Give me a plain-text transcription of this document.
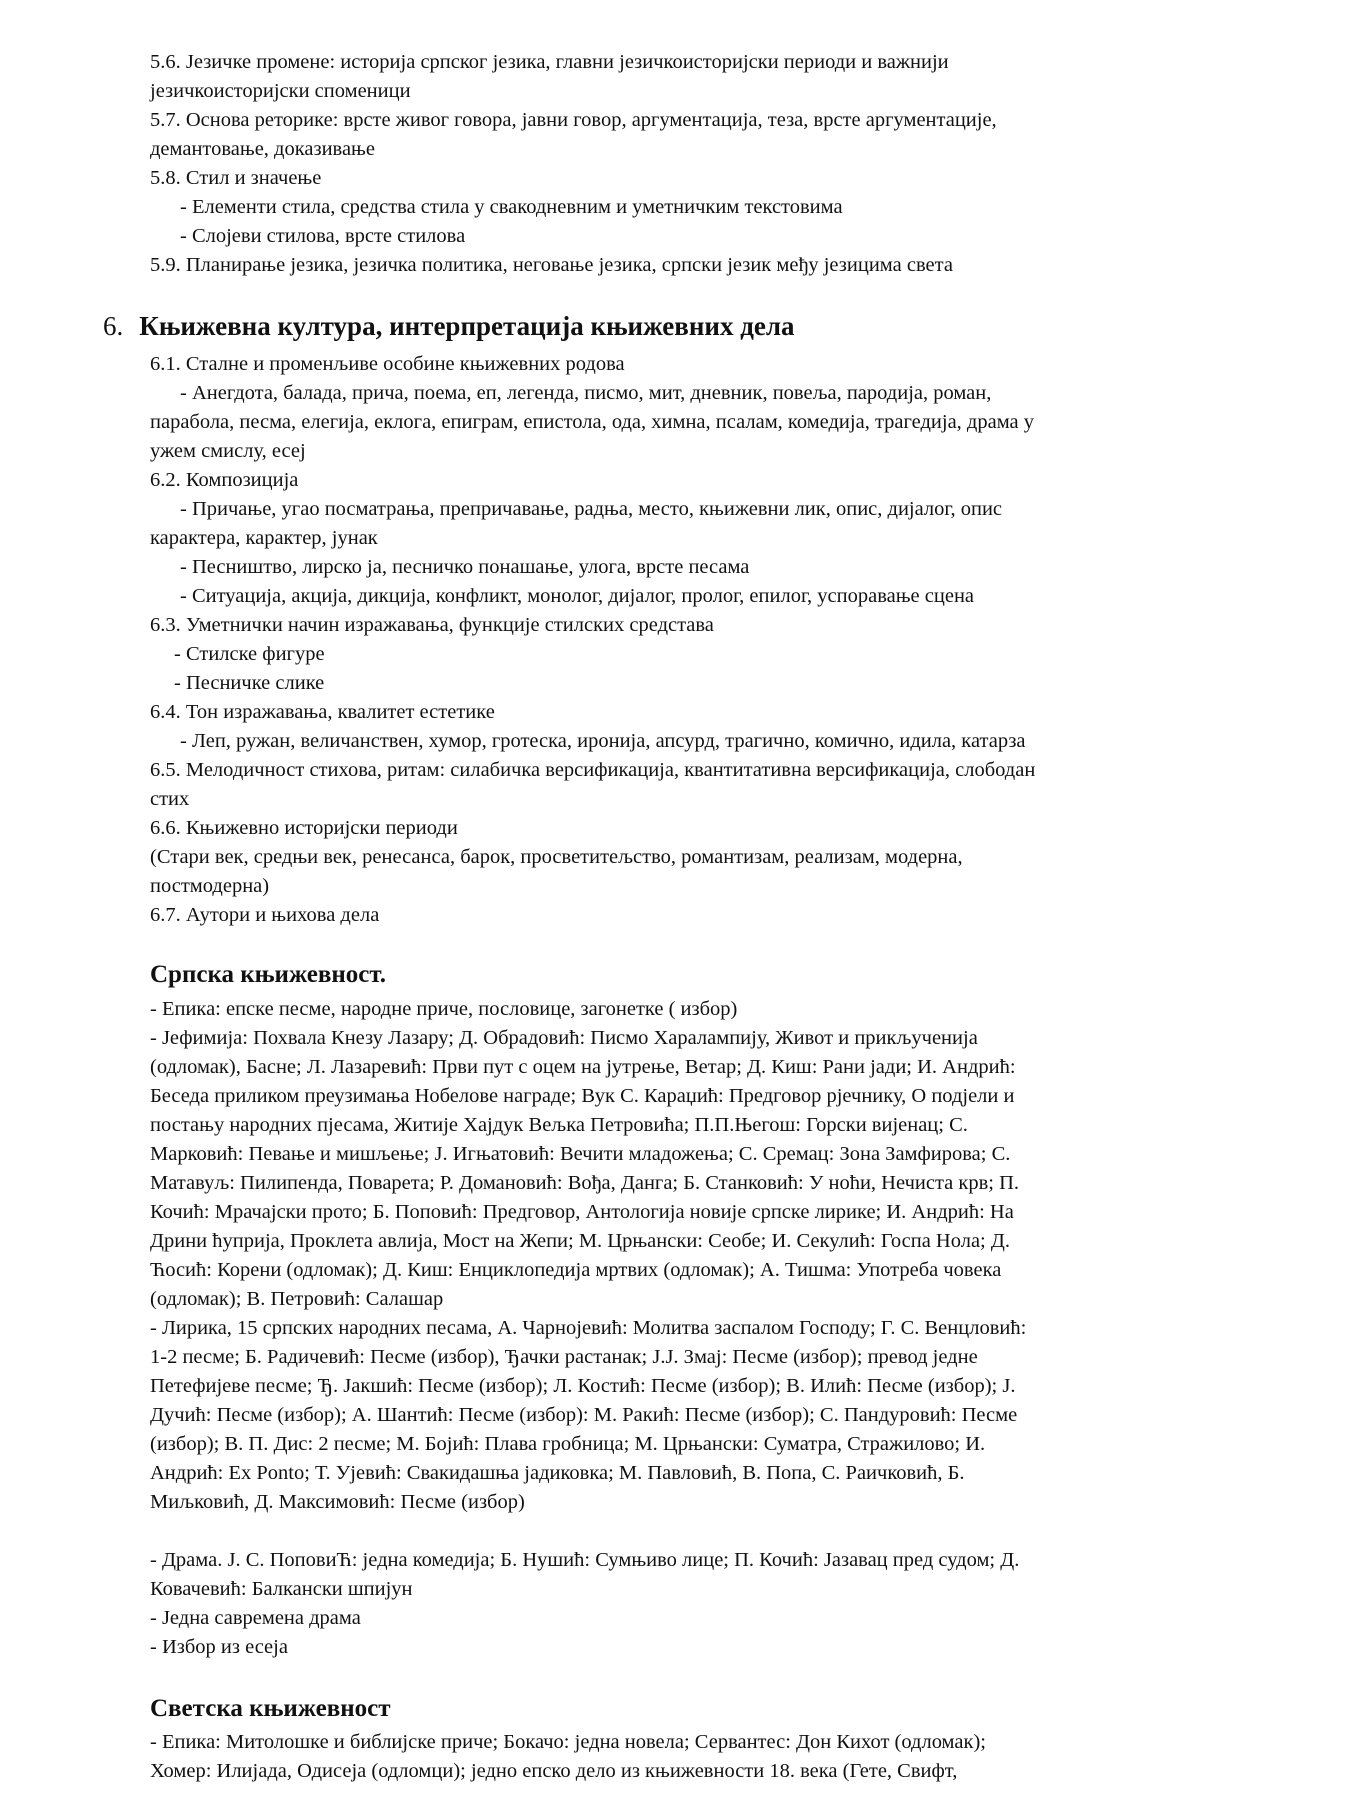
5.6. Језичке промене: историја српског језика, главни језичкоисторијски периоди и важнији
језичкоисторијски споменици
5.7. Основа реторике: врсте живог говора, јавни говор, аргументација, теза, врсте аргументације,
демантовање, доказивање
5.8. Стил и значење
- Елементи стила, средства стила у свакодневним и уметничким текстовима
- Слојеви стилова, врсте стилова
5.9. Планирање језика, језичка политика, неговање језика, српски језик међу језицима света
6. Књижевна култура, интерпретација књижевних дела
6.1. Сталне и променљиве особине књижевних родова
- Анегдота, балада, прича, поема, еп, легенда, писмо, мит, дневник, повеља, пародија, роман,
парабола, песма, елегија, еклога, епиграм, епистола, ода, химна, псалам, комедија, трагедија, драма у
ужем смислу, есеј
6.2. Композиција
- Причање, угао посматрања, препричавање, радња, место, књижевни лик, опис, дијалог, опис
карактера, карактер, јунак
- Песништво, лирско ја, песничко понашање, улога, врсте песама
- Ситуација, акција, дикција, конфликт, монолог, дијалог, пролог, епилог, успоравање сцена
6.3. Уметнички начин изражавања, функције стилских средстава
- Стилске фигуре
- Песничке слике
6.4. Тон изражавања, квалитет естетике
- Леп, ружан, величанствен, хумор, гротеска, иронија, апсурд, трагично, комично, идила, катарза
6.5. Мелодичност стихова, ритам: силабичка версификација, квантитативна версификација, слободан
стих
6.6. Књижевно историјски периоди
(Стари век, средњи век, ренесанса, барок, просветитељство, романтизам, реализам, модерна,
постмодерна)
6.7. Аутори и њихова дела
Српска књижевност.
- Епика: епске песме, народне приче, пословице, загонетке ( избор)
- Јефимија: Похвала Кнезу Лазару; Д. Обрадовић: Писмо Харалампију, Живот и прикљученија
(одломак), Басне; Л. Лазаревић: Први пут с оцем на јутрење, Ветар; Д. Киш: Рани јади; И. Андрић:
Беседа приликом преузимања Нобелове награде; Вук С. Караџић: Предговор рјечнику, О подјели и
постању народних пјесама, Житије Хајдук Вељка Петровића; П.П.Његош: Горски вијенац; С.
Марковић: Певање и мишљење; Ј. Игњатовић: Вечити младожења; С. Сремац: Зона Замфирова; С.
Матавуљ: Пилипенда, Поварета; Р. Домановић: Вођа, Данга; Б. Станковић: У ноћи, Нечиста крв; П.
Кочић: Мрачајски прото; Б. Поповић: Предговор, Антологија новије српске лирике; И. Андрић: На
Дрини ћуприја, Проклета авлија, Мост на Жепи; М. Црњански: Сеобе; И. Секулић: Госпа Нола; Д.
Ћосић: Корени (одломак); Д. Киш: Енциклопедија мртвих (одломак); А. Тишма: Употреба човека
(одломак); В. Петровић: Салашар
- Лирика, 15 српских народних песама, А. Чарнојевић: Молитва заспалом Господу; Г. С. Венцловић:
1-2 песме; Б. Радичевић: Песме (избор), Ђачки растанак; Ј.Ј. Змај: Песме (избор); превод једне
Петефијеве песме; Ђ. Јакшић: Песме (избор); Л. Костић: Песме (избор); В. Илић: Песме (избор); Ј.
Дучић: Песме (избор); А. Шантић: Песме (избор): М. Ракић: Песме (избор); С. Пандуровић: Песме
(избор); В. П. Дис: 2 песме; М. Бојић: Плава гробница; М. Црњански: Суматра, Стражилово; И.
Андрић: Ex Ponto; Т. Ујевић: Свакидашња јадиковка; М. Павловић, В. Попа, С. Раичковић, Б.
Миљковић, Д. Максимовић: Песме (избор)
- Драма. Ј. С. ПоповиЋ: једна комедија; Б. Нушић: Сумњиво лице; П. Кочић: Јазавац пред судом; Д.
Ковачевић: Балкански шпијун
- Једна савремена драма
- Избор из есеја
Светска књижевност
- Епика: Митолошке и библијске приче; Бокачо: једна новела; Сервантес: Дон Кихот (одломак);
Хомер: Илијада, Одисеја (одломци); једно епско дело из књижевности 18. века (Гете, Свифт,
